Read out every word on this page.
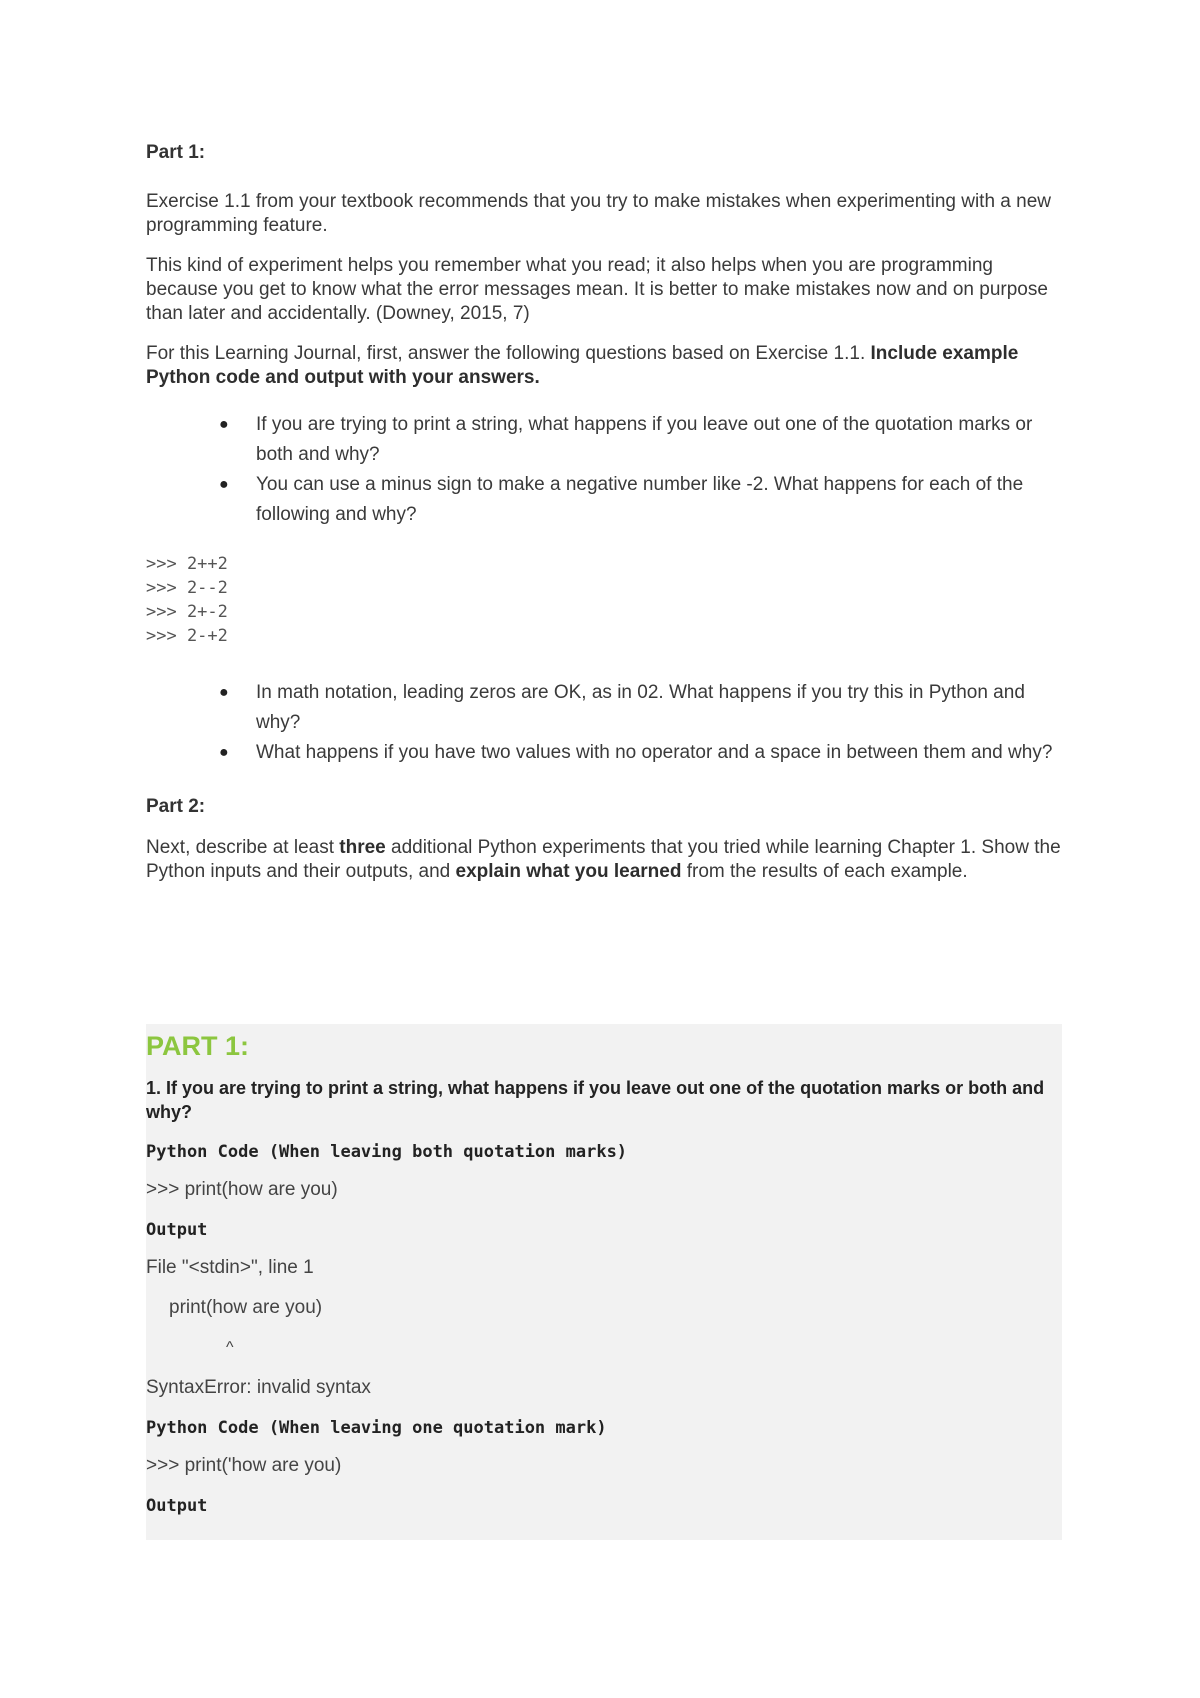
Part 1:

Exercise 1.1 from your textbook recommends that you try to make mistakes when experimenting with a new programming feature.

This kind of experiment helps you remember what you read; it also helps when you are programming because you get to know what the error messages mean. It is better to make mistakes now and on purpose than later and accidentally. (Downey, 2015, 7)

For this Learning Journal, first, answer the following questions based on Exercise 1.1. Include example Python code and output with your answers.

● If you are trying to print a string, what happens if you leave out one of the quotation marks or both and why?
● You can use a minus sign to make a negative number like -2. What happens for each of the following and why?
>>> 2++2
>>> 2--2
>>> 2+-2
>>> 2-+2
● In math notation, leading zeros are OK, as in 02. What happens if you try this in Python and why?
● What happens if you have two values with no operator and a space in between them and why?
Part 2:

Next, describe at least three additional Python experiments that you tried while learning Chapter 1. Show the Python inputs and their outputs, and explain what you learned from the results of each example.

PART 1:
1. If you are trying to print a string, what happens if you leave out one of the quotation marks or both and why?
Python Code (When leaving both quotation marks)
>>> print(how are you)
Output
File "<stdin>", line 1
print(how are you)
^
SyntaxError: invalid syntax
Python Code (When leaving one quotation mark)
>>> print('how are you)
Output
